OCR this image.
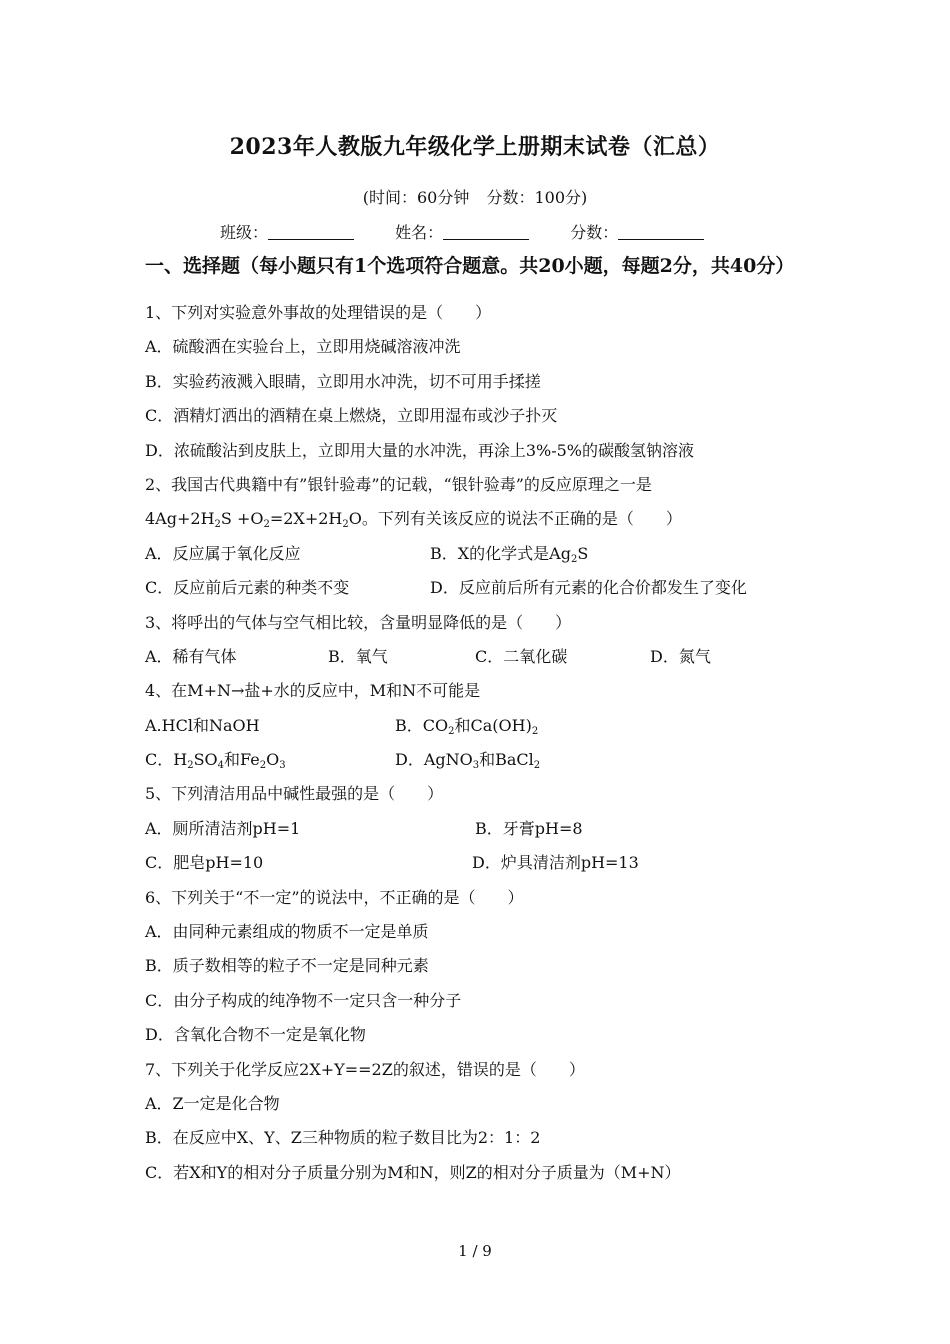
2023年人教版九年级化学上册期末试卷（汇总）
(时间：60分钟 分数：100分)
班级：	姓名：	分数：
一、选择题（每小题只有1个选项符合题意。共20小题，每题2分，共40分）
1、下列对实验意外事故的处理错误的是（　　）
A．硫酸洒在实验台上，立即用烧碱溶液冲洗
B．实验药液溅入眼睛，立即用水冲洗，切不可用手揉搓
C．酒精灯洒出的酒精在桌上燃烧，立即用湿布或沙子扑灭
D．浓硫酸沾到皮肤上，立即用大量的水冲洗，再涂上3%-5%的碳酸氢钠溶液
2、我国古代典籍中有”银针验毒”的记载，“银针验毒”的反应原理之一是
$4Ag+2H_2S +O_2=2X+2H_2O$。下列有关该反应的说法不正确的是（　　）
A．反应属于氧化反应	B．X的化学式是$Ag_2S$
C．反应前后元素的种类不变	D．反应前后所有元素的化合价都发生了变化
3、将呼出的气体与空气相比较，含量明显降低的是（　　）
A．稀有气体	B．氧气	C．二氧化碳	D．氮气
4、在M+N→盐+水的反应中，M和N不可能是
A.HCl和NaOH	B．$CO_2$和$Ca(OH)_2$
C．$H_2SO_4$和$Fe_2O_3$	D．AgNO$_3$和BaCl$_2$
5、下列清洁用品中碱性最强的是（　　）
A．厕所清洁剂pH=1	B．牙膏pH=8
C．肥皂pH=10	D．炉具清洁剂pH=13
6、下列关于“不一定”的说法中，不正确的是（　　）
A．由同种元素组成的物质不一定是单质
B．质子数相等的粒子不一定是同种元素
C．由分子构成的纯净物不一定只含一种分子
D．含氧化合物不一定是氧化物
7、下列关于化学反应2X+Y==2Z的叙述，错误的是（　　）
A．Z一定是化合物
B．在反应中X、Y、Z三种物质的粒子数目比为2：1：2
C．若X和Y的相对分子质量分别为M和N，则Z的相对分子质量为（M+N）
1 / 9
